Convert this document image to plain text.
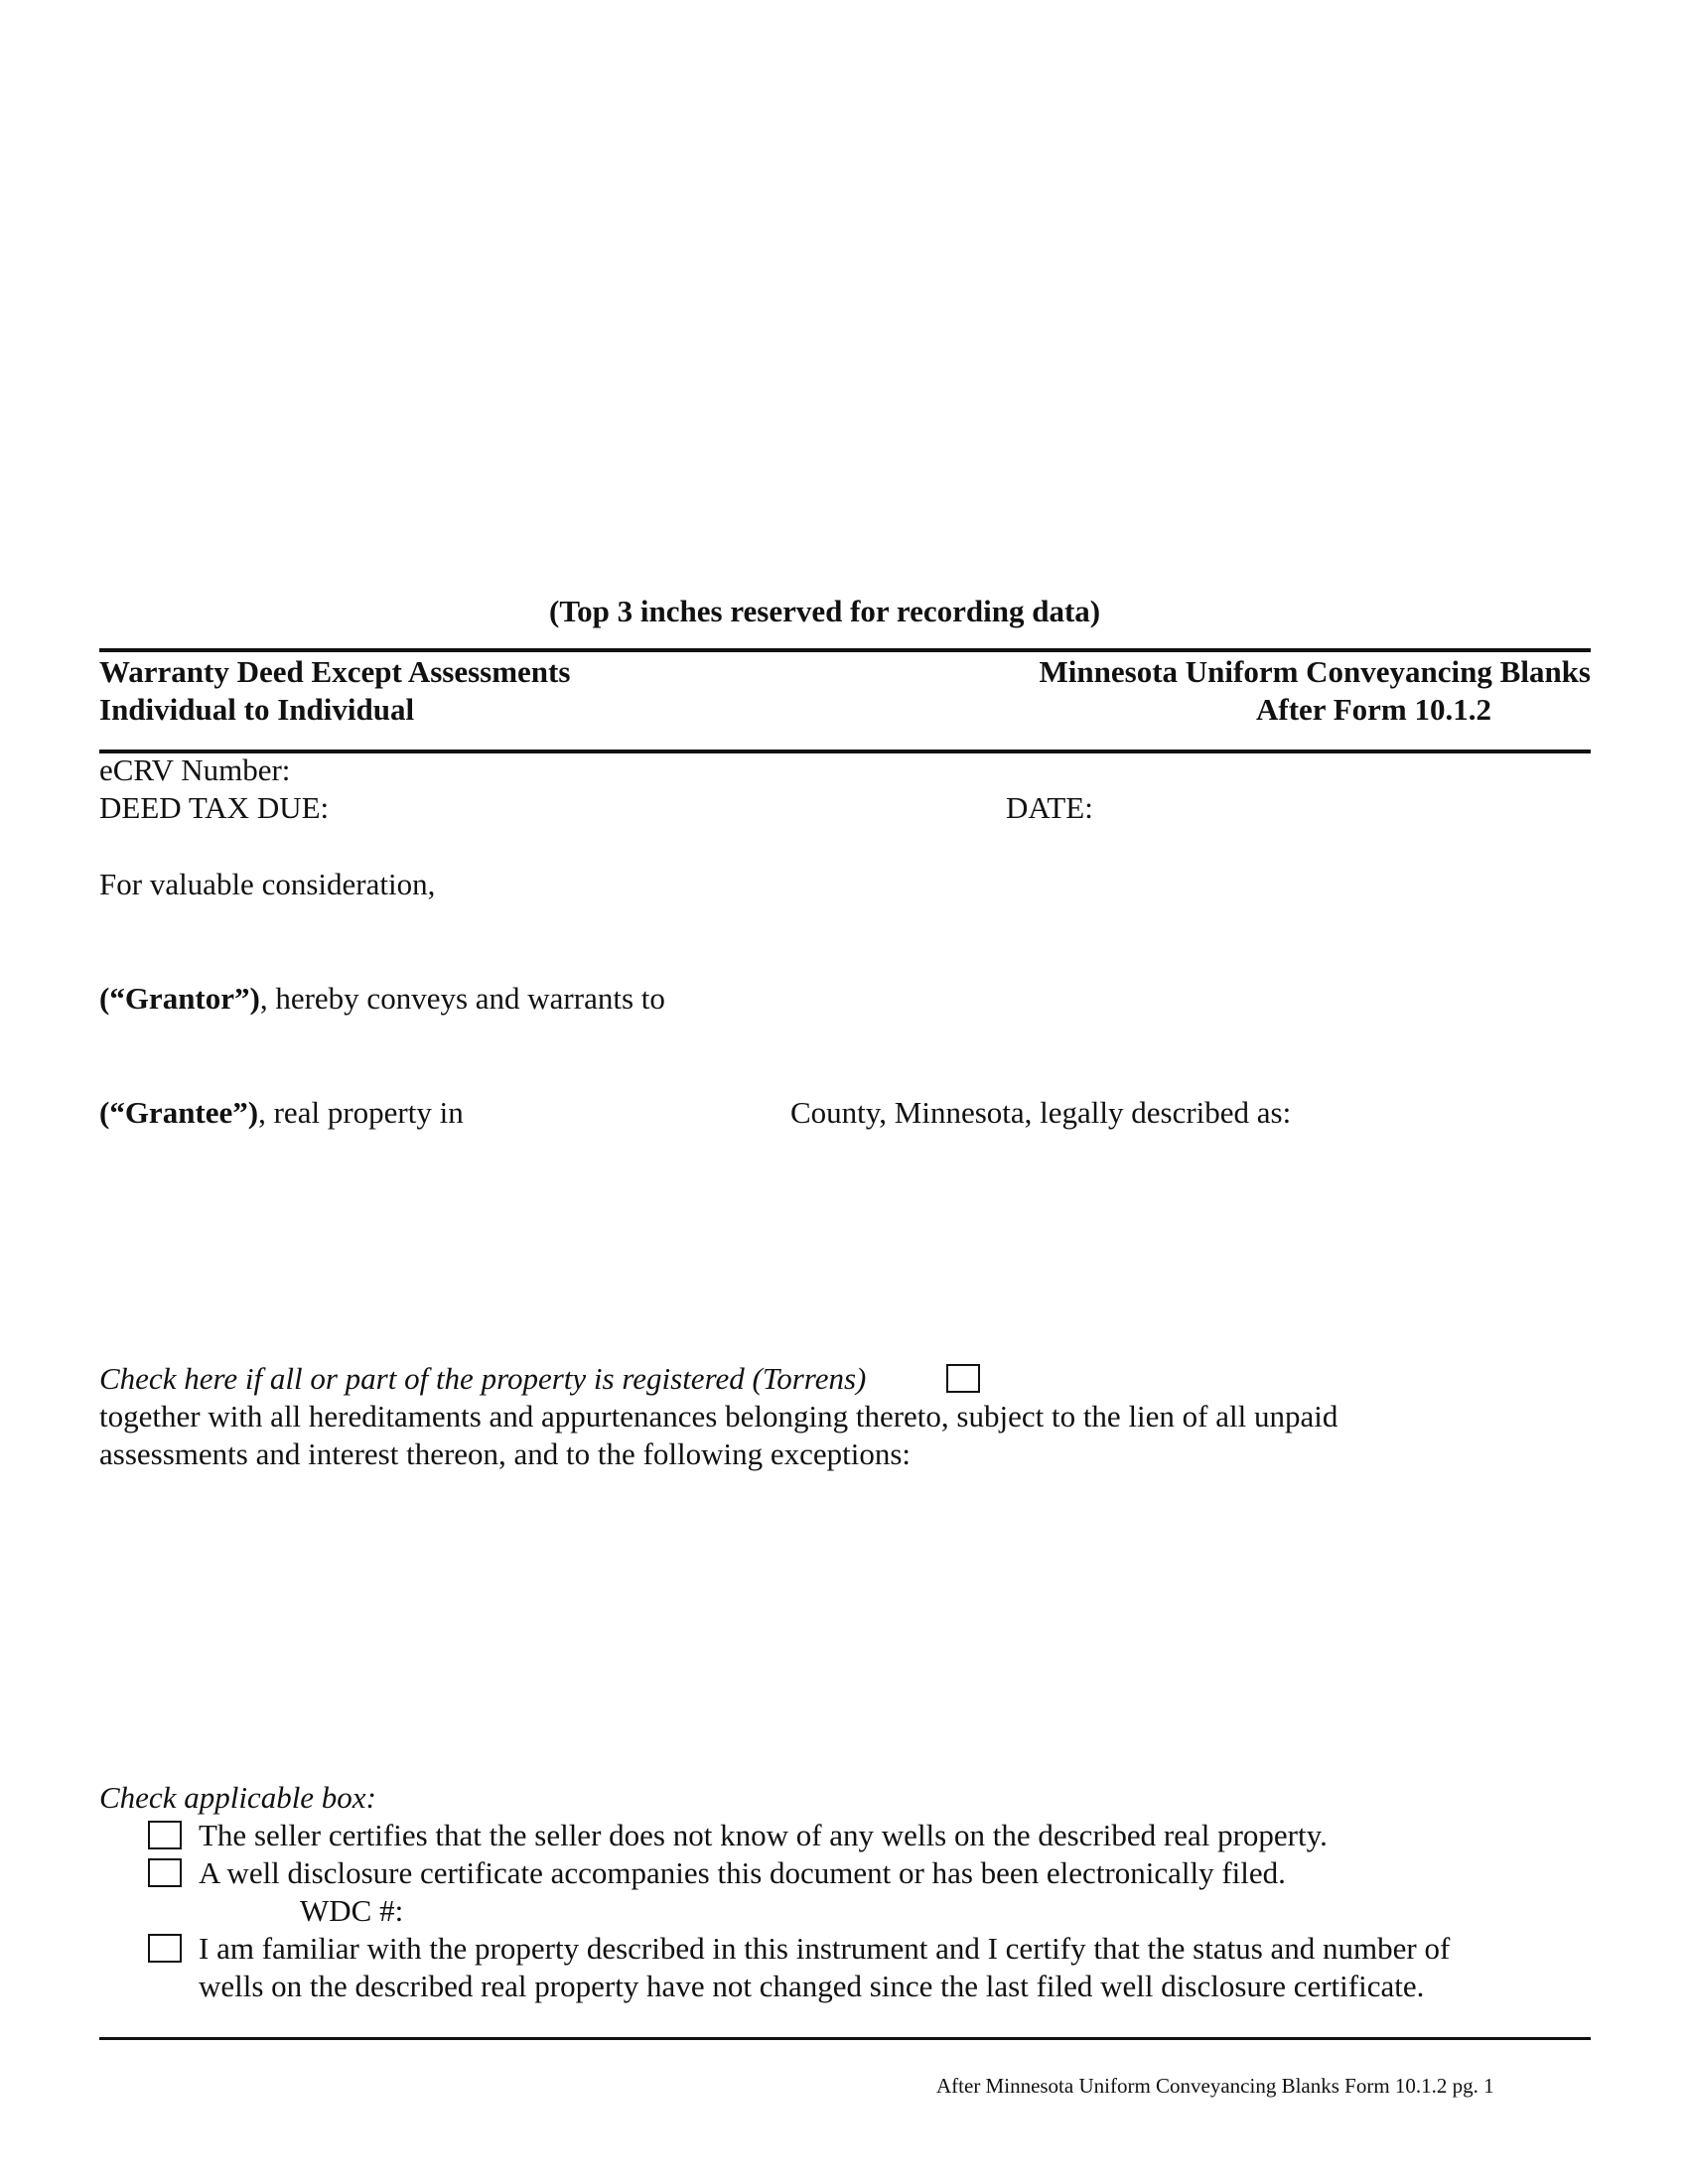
(Top 3 inches reserved for recording data)
Warranty Deed Except Assessments
Individual to Individual
Minnesota Uniform Conveyancing Blanks
After Form 10.1.2
eCRV Number:
DEED TAX DUE:	DATE:
For valuable consideration,
(“Grantor”), hereby conveys and warrants to
(“Grantee”), real property in	County, Minnesota, legally described as:
Check here if all or part of the property is registered (Torrens)
together with all hereditaments and appurtenances belonging thereto, subject to the lien of all unpaid
assessments and interest thereon, and to the following exceptions:
Check applicable box:
The seller certifies that the seller does not know of any wells on the described real property.
A well disclosure certificate accompanies this document or has been electronically filed.
WDC #:
I am familiar with the property described in this instrument and I certify that the status and number of
wells on the described real property have not changed since the last filed well disclosure certificate.
After Minnesota Uniform Conveyancing Blanks Form 10.1.2 pg. 1
